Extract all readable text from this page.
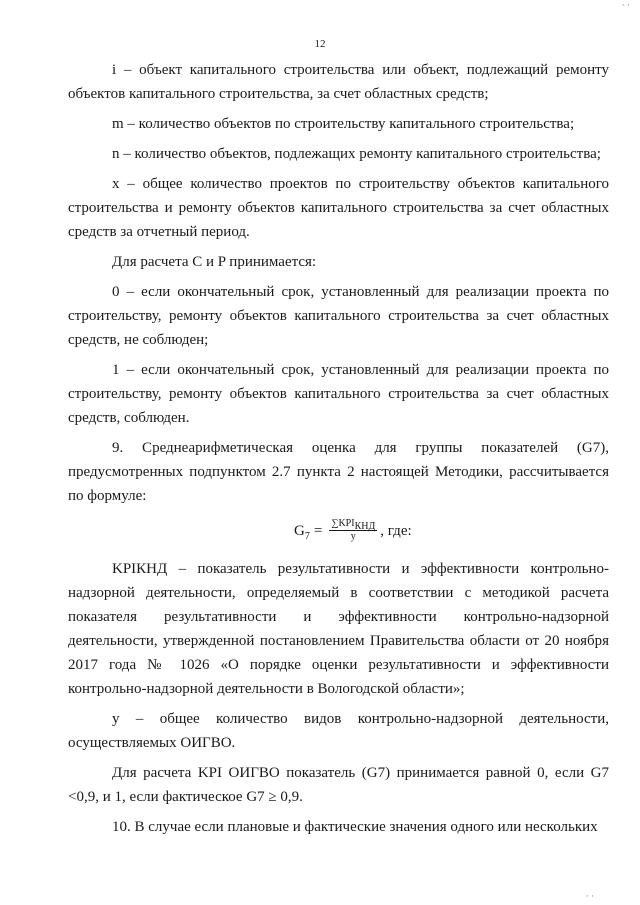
· ·
12

i – объект капитального строительства или объект, подлежащий ремонту объектов капитального строительства, за счет областных средств;

m – количество объектов по строительству капитального строительства;

n – количество объектов, подлежащих ремонту капитального строительства;

x – общее количество проектов по строительству объектов капитального строительства и ремонту объектов капитального строительства за счет областных средств за отчетный период.

Для расчета C и P принимается:

0 – если окончательный срок, установленный для реализации проекта по строительству, ремонту объектов капитального строительства за счет областных средств, не соблюден;

1 – если окончательный срок, установленный для реализации проекта по строительству, ремонту объектов капитального строительства за счет областных средств, соблюден.

9. Среднеарифметическая оценка для группы показателей (G7), предусмотренных подпунктом 2.7 пункта 2 настоящей Методики, рассчитывается по формуле:

$G_7 = \frac{\sum KPI_{КНД}}{y}$ , где:

KPIКНД – показатель результативности и эффективности контрольно-надзорной деятельности, определяемый в соответствии с методикой расчета показателя результативности и эффективности контрольно-надзорной деятельности, утвержденной постановлением Правительства области от 20 ноября 2017 года № 1026 «О порядке оценки результативности и эффективности контрольно-надзорной деятельности в Вологодской области»;

y – общее количество видов контрольно-надзорной деятельности, осуществляемых ОИГВО.

Для расчета KPI ОИГВО показатель (G7) принимается равной 0, если G7 <0,9, и 1, если фактическое G7 ≥ 0,9.

10. В случае если плановые и фактические значения одного или нескольких

· ·
